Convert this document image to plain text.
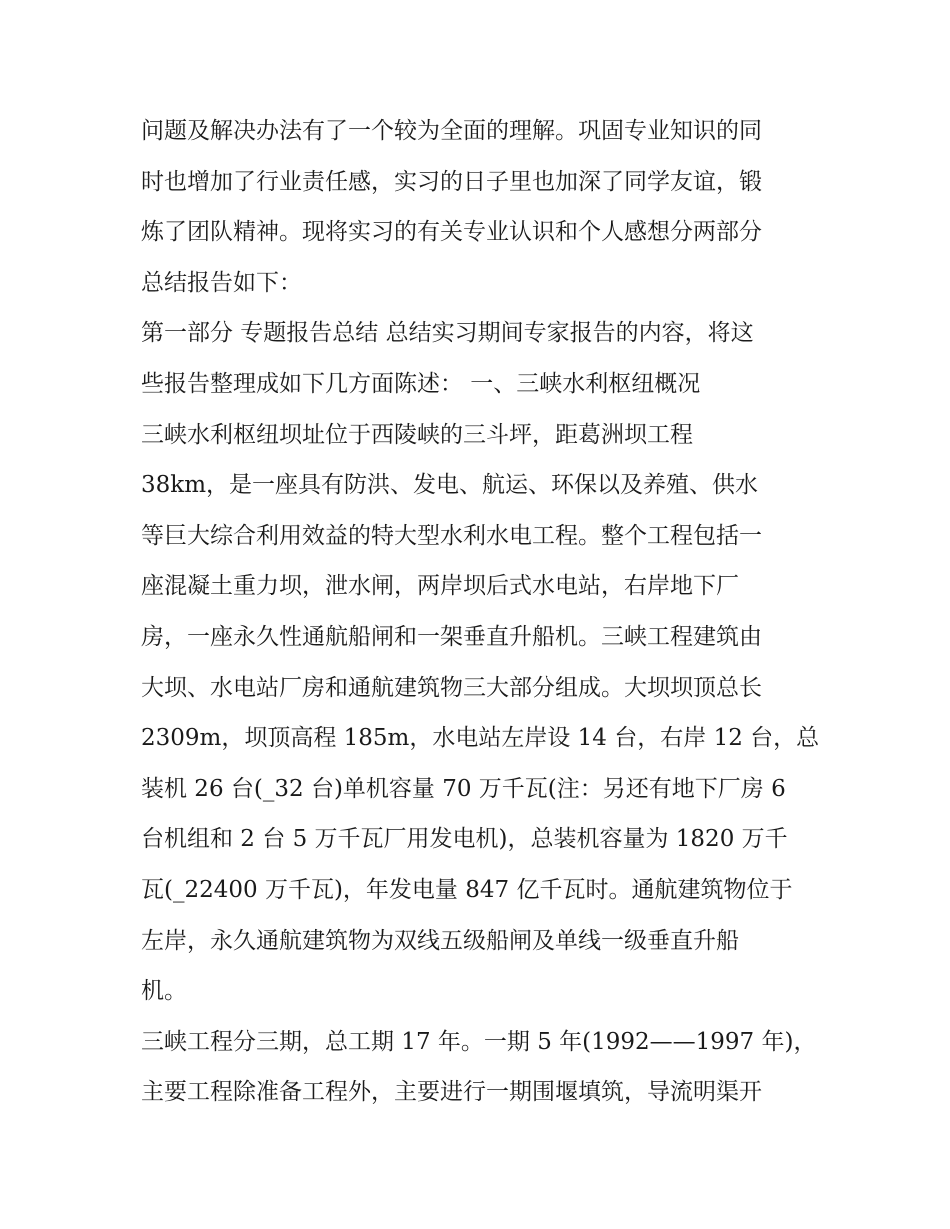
问题及解决办法有了一个较为全面的理解。巩固专业知识的同
时也增加了行业责任感，实习的日子里也加深了同学友谊，锻
炼了团队精神。现将实习的有关专业认识和个人感想分两部分
总结报告如下：
第一部分 专题报告总结 总结实习期间专家报告的内容，将这
些报告整理成如下几方面陈述： 一、三峡水利枢纽概况
三峡水利枢纽坝址位于西陵峡的三斗坪，距葛洲坝工程
38km，是一座具有防洪、发电、航运、环保以及养殖、供水
等巨大综合利用效益的特大型水利水电工程。整个工程包括一
座混凝土重力坝，泄水闸，两岸坝后式水电站，右岸地下厂
房，一座永久性通航船闸和一架垂直升船机。三峡工程建筑由
大坝、水电站厂房和通航建筑物三大部分组成。大坝坝顶总长
2309m，坝顶高程 185m，水电站左岸设 14 台，右岸 12 台，总
装机 26 台(_32 台)单机容量 70 万千瓦(注：另还有地下厂房 6
台机组和 2 台 5 万千瓦厂用发电机)，总装机容量为 1820 万千
瓦(_22400 万千瓦)，年发电量 847 亿千瓦时。通航建筑物位于
左岸，永久通航建筑物为双线五级船闸及单线一级垂直升船
机。
三峡工程分三期，总工期 17 年。一期 5 年(1992——1997 年)，
主要工程除准备工程外，主要进行一期围堰填筑，导流明渠开
